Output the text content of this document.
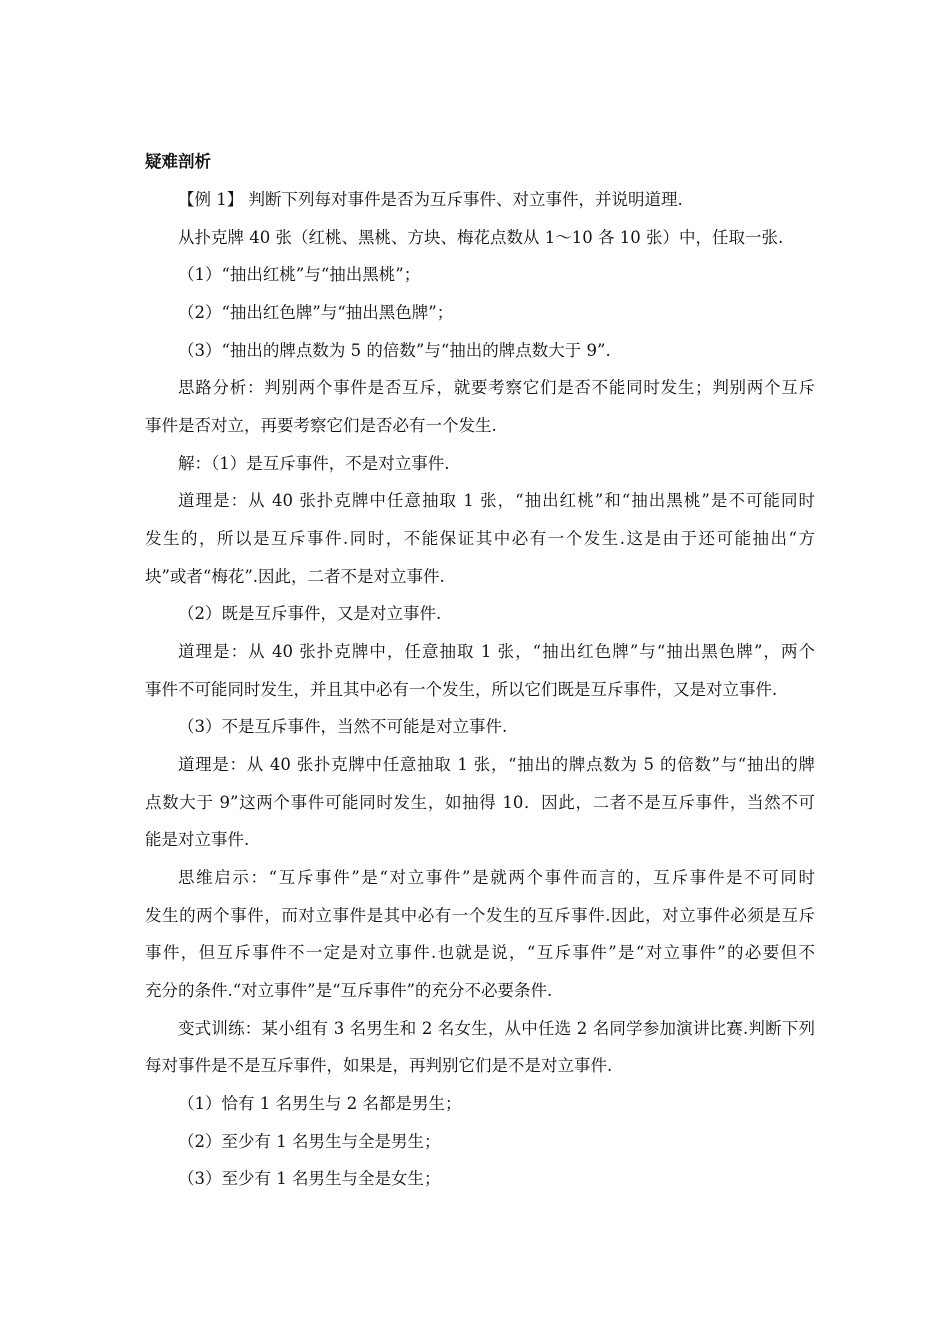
疑难剖析
【例 1】 判断下列每对事件是否为互斥事件、对立事件，并说明道理.
从扑克牌 40 张（红桃、黑桃、方块、梅花点数从 1～10 各 10 张）中，任取一张.
（1）“抽出红桃”与“抽出黑桃”；
（2）“抽出红色牌”与“抽出黑色牌”；
（3）“抽出的牌点数为 5 的倍数”与“抽出的牌点数大于 9”.
思路分析：判别两个事件是否互斥，就要考察它们是否不能同时发生；判别两个互斥
事件是否对立，再要考察它们是否必有一个发生.
解：（1）是互斥事件，不是对立事件.
道理是：从 40 张扑克牌中任意抽取 1 张，“抽出红桃”和“抽出黑桃”是不可能同时
发生的，所以是互斥事件.同时，不能保证其中必有一个发生.这是由于还可能抽出“方
块”或者“梅花”.因此，二者不是对立事件.
（2）既是互斥事件，又是对立事件.
道理是：从 40 张扑克牌中，任意抽取 1 张，“抽出红色牌”与“抽出黑色牌”，两个
事件不可能同时发生，并且其中必有一个发生，所以它们既是互斥事件，又是对立事件.
（3）不是互斥事件，当然不可能是对立事件.
道理是：从 40 张扑克牌中任意抽取 1 张，“抽出的牌点数为 5 的倍数”与“抽出的牌
点数大于 9”这两个事件可能同时发生，如抽得 10．因此，二者不是互斥事件，当然不可
能是对立事件.
思维启示：“互斥事件”是“对立事件”是就两个事件而言的，互斥事件是不可同时
发生的两个事件，而对立事件是其中必有一个发生的互斥事件.因此，对立事件必须是互斥
事件，但互斥事件不一定是对立事件.也就是说，“互斥事件”是“对立事件”的必要但不
充分的条件.“对立事件”是“互斥事件”的充分不必要条件.
变式训练：某小组有 3 名男生和 2 名女生，从中任选 2 名同学参加演讲比赛.判断下列
每对事件是不是互斥事件，如果是，再判别它们是不是对立事件.
（1）恰有 1 名男生与 2 名都是男生；
（2）至少有 1 名男生与全是男生；
（3）至少有 1 名男生与全是女生；
